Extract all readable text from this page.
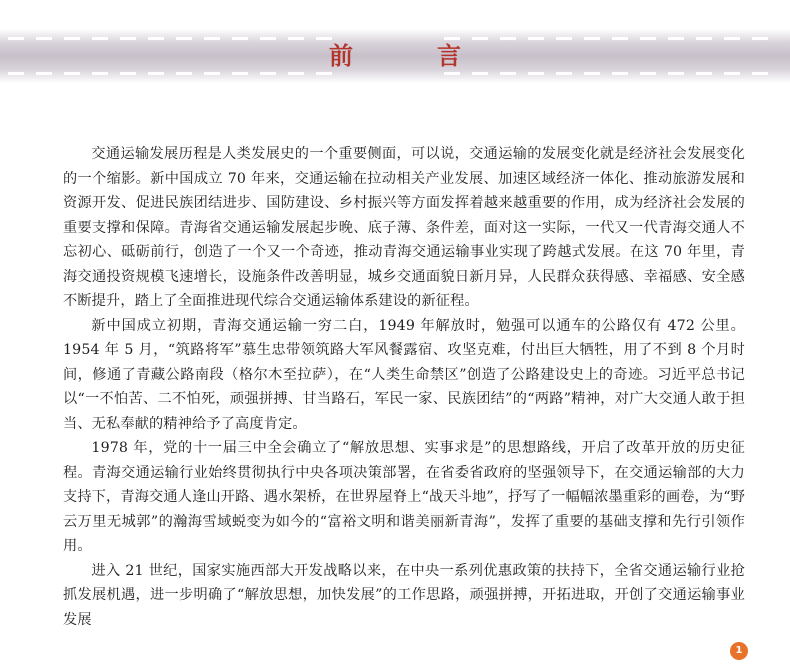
前　言

交通运输发展历程是人类发展史的一个重要侧面，可以说，交通运输的发展变化就是经济社会发展变化的一个缩影。新中国成立 70 年来，交通运输在拉动相关产业发展、加速区域经济一体化、推动旅游发展和资源开发、促进民族团结进步、国防建设、乡村振兴等方面发挥着越来越重要的作用，成为经济社会发展的重要支撑和保障。青海省交通运输发展起步晚、底子薄、条件差，面对这一实际，一代又一代青海交通人不忘初心、砥砺前行，创造了一个又一个奇迹，推动青海交通运输事业实现了跨越式发展。在这 70 年里，青海交通投资规模飞速增长，设施条件改善明显，城乡交通面貌日新月异，人民群众获得感、幸福感、安全感不断提升，踏上了全面推进现代综合交通运输体系建设的新征程。

新中国成立初期，青海交通运输一穷二白，1949 年解放时，勉强可以通车的公路仅有 472 公里。1954 年 5 月，“筑路将军”慕生忠带领筑路大军风餐露宿、攻坚克难，付出巨大牺牲，用了不到 8 个月时间，修通了青藏公路南段（格尔木至拉萨），在“人类生命禁区”创造了公路建设史上的奇迹。习近平总书记以“一不怕苦、二不怕死，顽强拼搏、甘当路石，军民一家、民族团结”的“两路”精神，对广大交通人敢于担当、无私奉献的精神给予了高度肯定。

1978 年，党的十一届三中全会确立了“解放思想、实事求是”的思想路线，开启了改革开放的历史征程。青海交通运输行业始终贯彻执行中央各项决策部署，在省委省政府的坚强领导下，在交通运输部的大力支持下，青海交通人逢山开路、遇水架桥，在世界屋脊上“战天斗地”，抒写了一幅幅浓墨重彩的画卷，为“野云万里无城郭”的瀚海雪域蜕变为如今的“富裕文明和谐美丽新青海”，发挥了重要的基础支撑和先行引领作用。

进入 21 世纪，国家实施西部大开发战略以来，在中央一系列优惠政策的扶持下，全省交通运输行业抢抓发展机遇，进一步明确了“解放思想，加快发展”的工作思路，顽强拼搏，开拓进取，开创了交通运输事业发展

1
